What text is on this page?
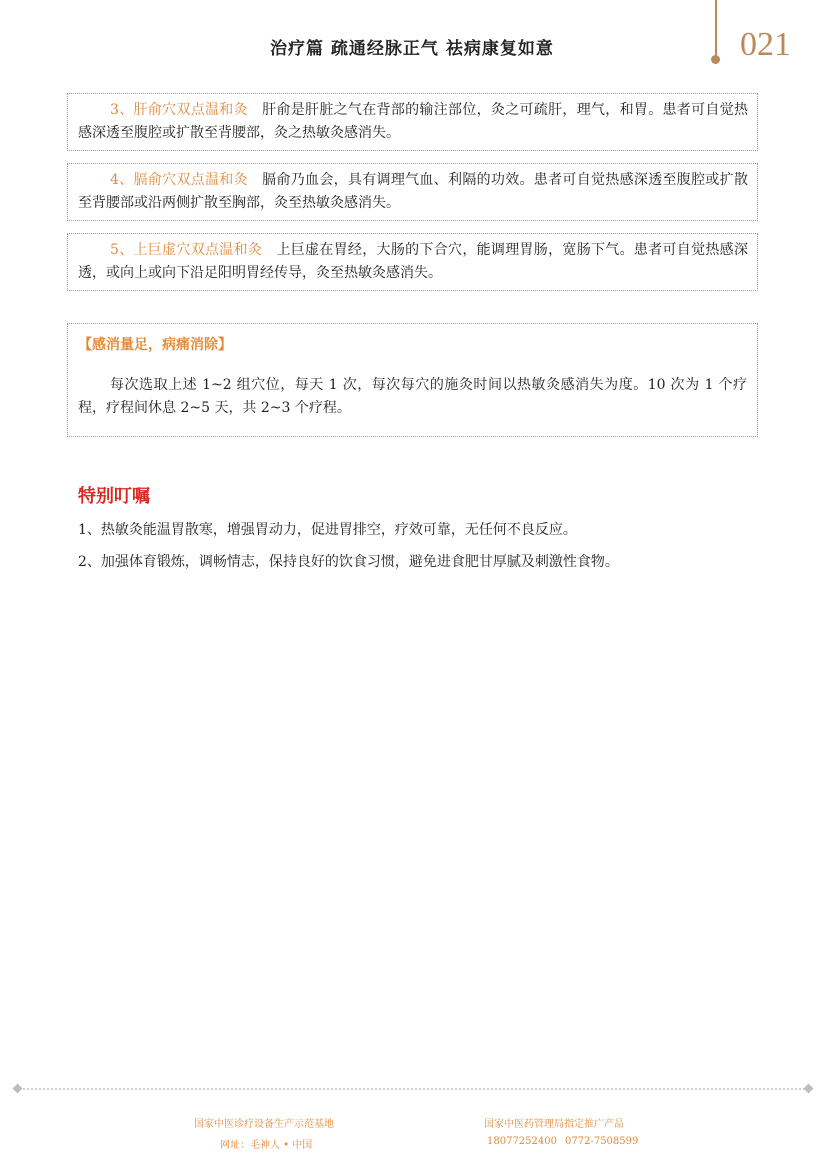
治疗篇 疏通经脉正气 祛病康复如意	021

3、肝俞穴双点温和灸 肝俞是肝脏之气在背部的输注部位，灸之可疏肝，理气，和胃。患者可自觉热感深透至腹腔或扩散至背腰部，灸之热敏灸感消失。

4、膈俞穴双点温和灸 膈俞乃血会，具有调理气血、利隔的功效。患者可自觉热感深透至腹腔或扩散至背腰部或沿两侧扩散至胸部，灸至热敏灸感消失。

5、上巨虚穴双点温和灸 上巨虚在胃经，大肠的下合穴，能调理胃肠，宽肠下气。患者可自觉热感深透，或向上或向下沿足阳明胃经传导，灸至热敏灸感消失。

【感消量足，病痛消除】

每次选取上述 1~2 组穴位，每天 1 次，每次每穴的施灸时间以热敏灸感消失为度。10 次为 1 个疗程，疗程间休息 2~5 天，共 2~3 个疗程。

特别叮嘱

1、热敏灸能温胃散寒，增强胃动力，促进胃排空，疗效可靠，无任何不良反应。

2、加强体育锻炼，调畅情志，保持良好的饮食习惯，避免进食肥甘厚腻及刺激性食物。

国家中医诊疗设备生产示范基地
网址：毛神人 • 中国
国家中医药管理局指定推广产品
18077252400 0772-7508599
